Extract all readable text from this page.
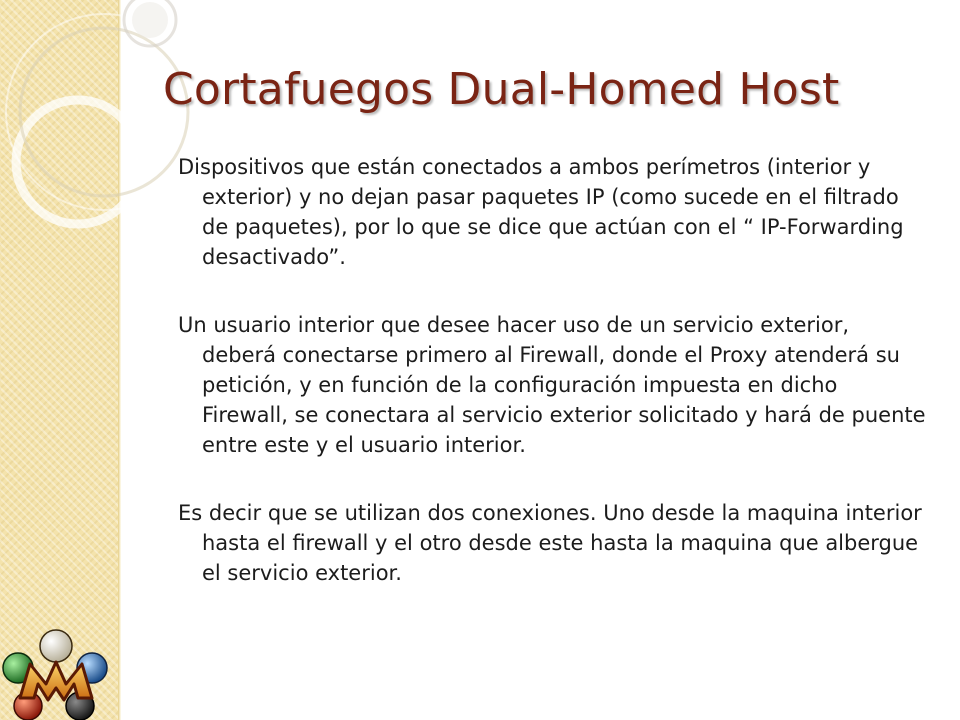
Cortafuegos Dual-Homed Host

Dispositivos que están conectados a ambos perímetros (interior y exterior) y no dejan pasar paquetes IP (como sucede en el filtrado de paquetes), por lo que se dice que actúan con el “ IP-Forwarding desactivado”.

Un usuario interior que desee hacer uso de un servicio exterior, deberá conectarse primero al Firewall, donde el Proxy atenderá su petición, y en función de la configuración impuesta en dicho Firewall, se conectara al servicio exterior solicitado y hará de puente entre este y el usuario interior.

Es decir que se utilizan dos conexiones. Uno desde la maquina interior hasta el firewall y el otro desde este hasta la maquina que albergue el servicio exterior.
